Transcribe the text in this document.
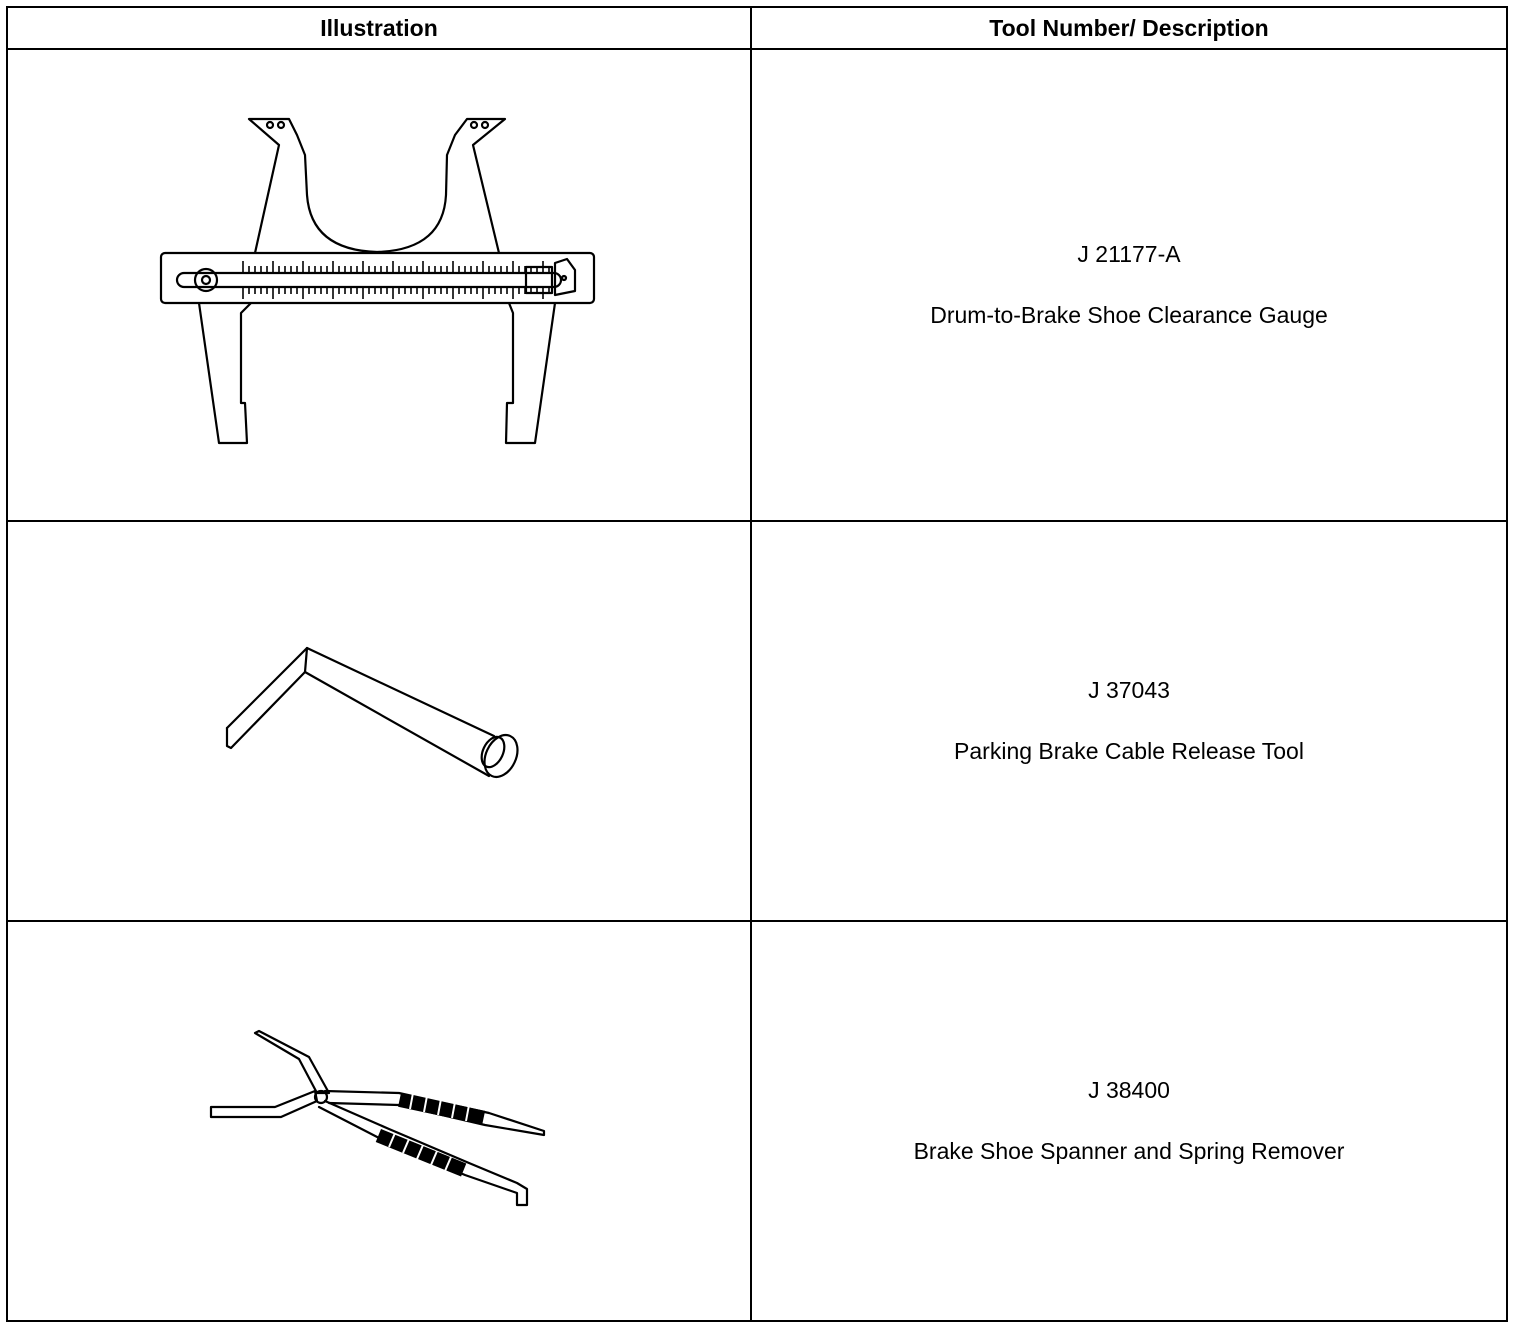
Illustration	Tool Number/ Description

J 21177-A
Drum-to-Brake Shoe Clearance Gauge

J 37043
Parking Brake Cable Release Tool

J 38400
Brake Shoe Spanner and Spring Remover
